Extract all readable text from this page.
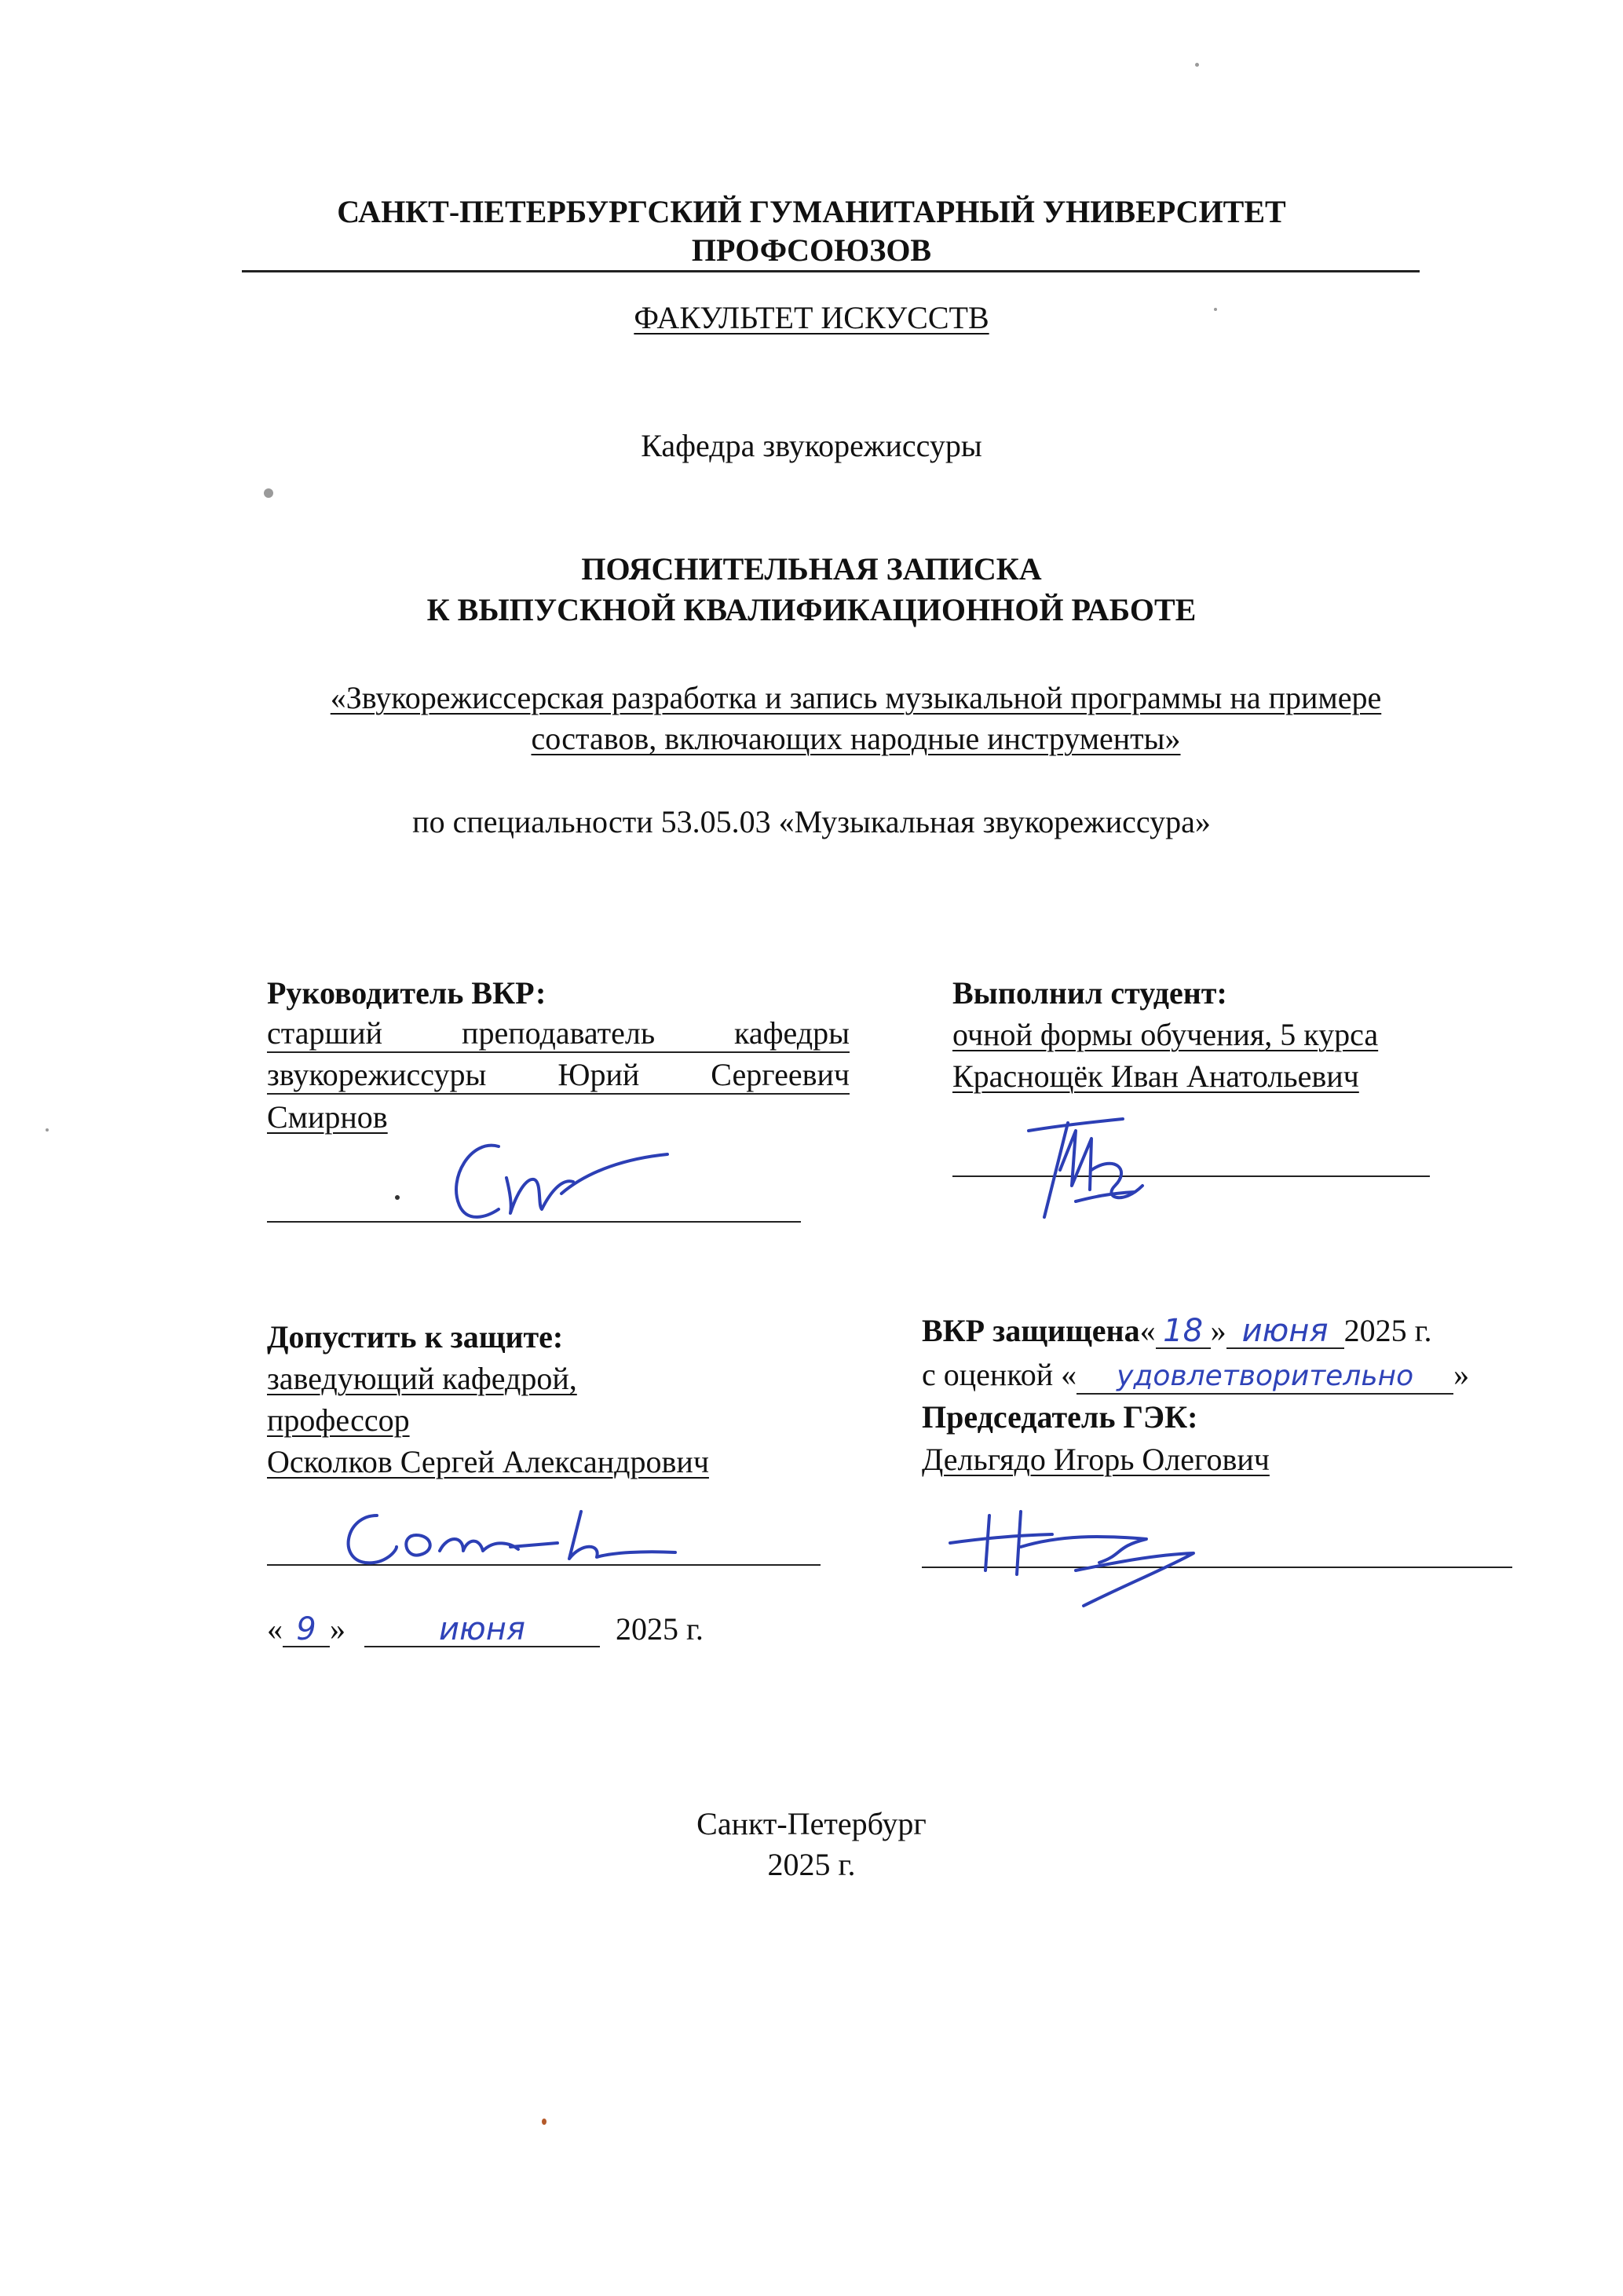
САНКТ-ПЕТЕРБУРГСКИЙ ГУМАНИТАРНЫЙ УНИВЕРСИТЕТ
ПРОФСОЮЗОВ
ФАКУЛЬТЕТ ИСКУССТВ
Кафедра звукорежиссуры
ПОЯСНИТЕЛЬНАЯ ЗАПИСКА
К ВЫПУСКНОЙ КВАЛИФИКАЦИОННОЙ РАБОТЕ
«Звукорежиссерская разработка и запись музыкальной программы на примере
составов, включающих народные инструменты»
по специальности 53.05.03 «Музыкальная звукорежиссура»
Руководитель ВКР:
старший	преподаватель	кафедры
звукорежиссуры Юрий Сергеевич
Смирнов
Выполнил студент:
очной формы обучения, 5 курса
Краснощёк Иван Анатольевич
Допустить к защите:
заведующий кафедрой,
профессор
Осколков Сергей Александрович
« 9 »	июня	2025 г.
ВКР защищена« 18 » июня 2025 г.
с оценкой « удовлетворительно »
Председатель ГЭК:
Дельгядо Игорь Олегович
Санкт-Петербург
2025 г.
